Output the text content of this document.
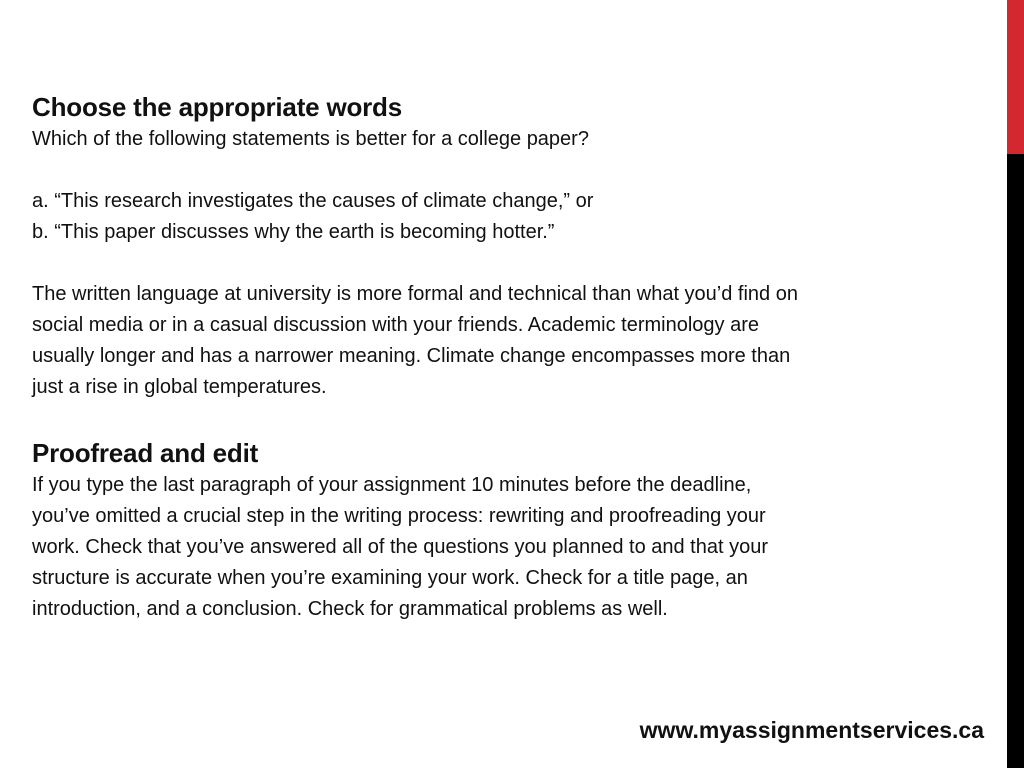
Choose the appropriate words

Which of the following statements is better for a college paper?

a. “This research investigates the causes of climate change,” or

b. “This paper discusses why the earth is becoming hotter.”

The written language at university is more formal and technical than what you’d find on

social media or in a casual discussion with your friends. Academic terminology are

usually longer and has a narrower meaning. Climate change encompasses more than

just a rise in global temperatures.

Proofread and edit

If you type the last paragraph of your assignment 10 minutes before the deadline,

you’ve omitted a crucial step in the writing process: rewriting and proofreading your

work. Check that you’ve answered all of the questions you planned to and that your

structure is accurate when you’re examining your work. Check for a title page, an

introduction, and a conclusion. Check for grammatical problems as well.

www.myassignmentservices.ca
